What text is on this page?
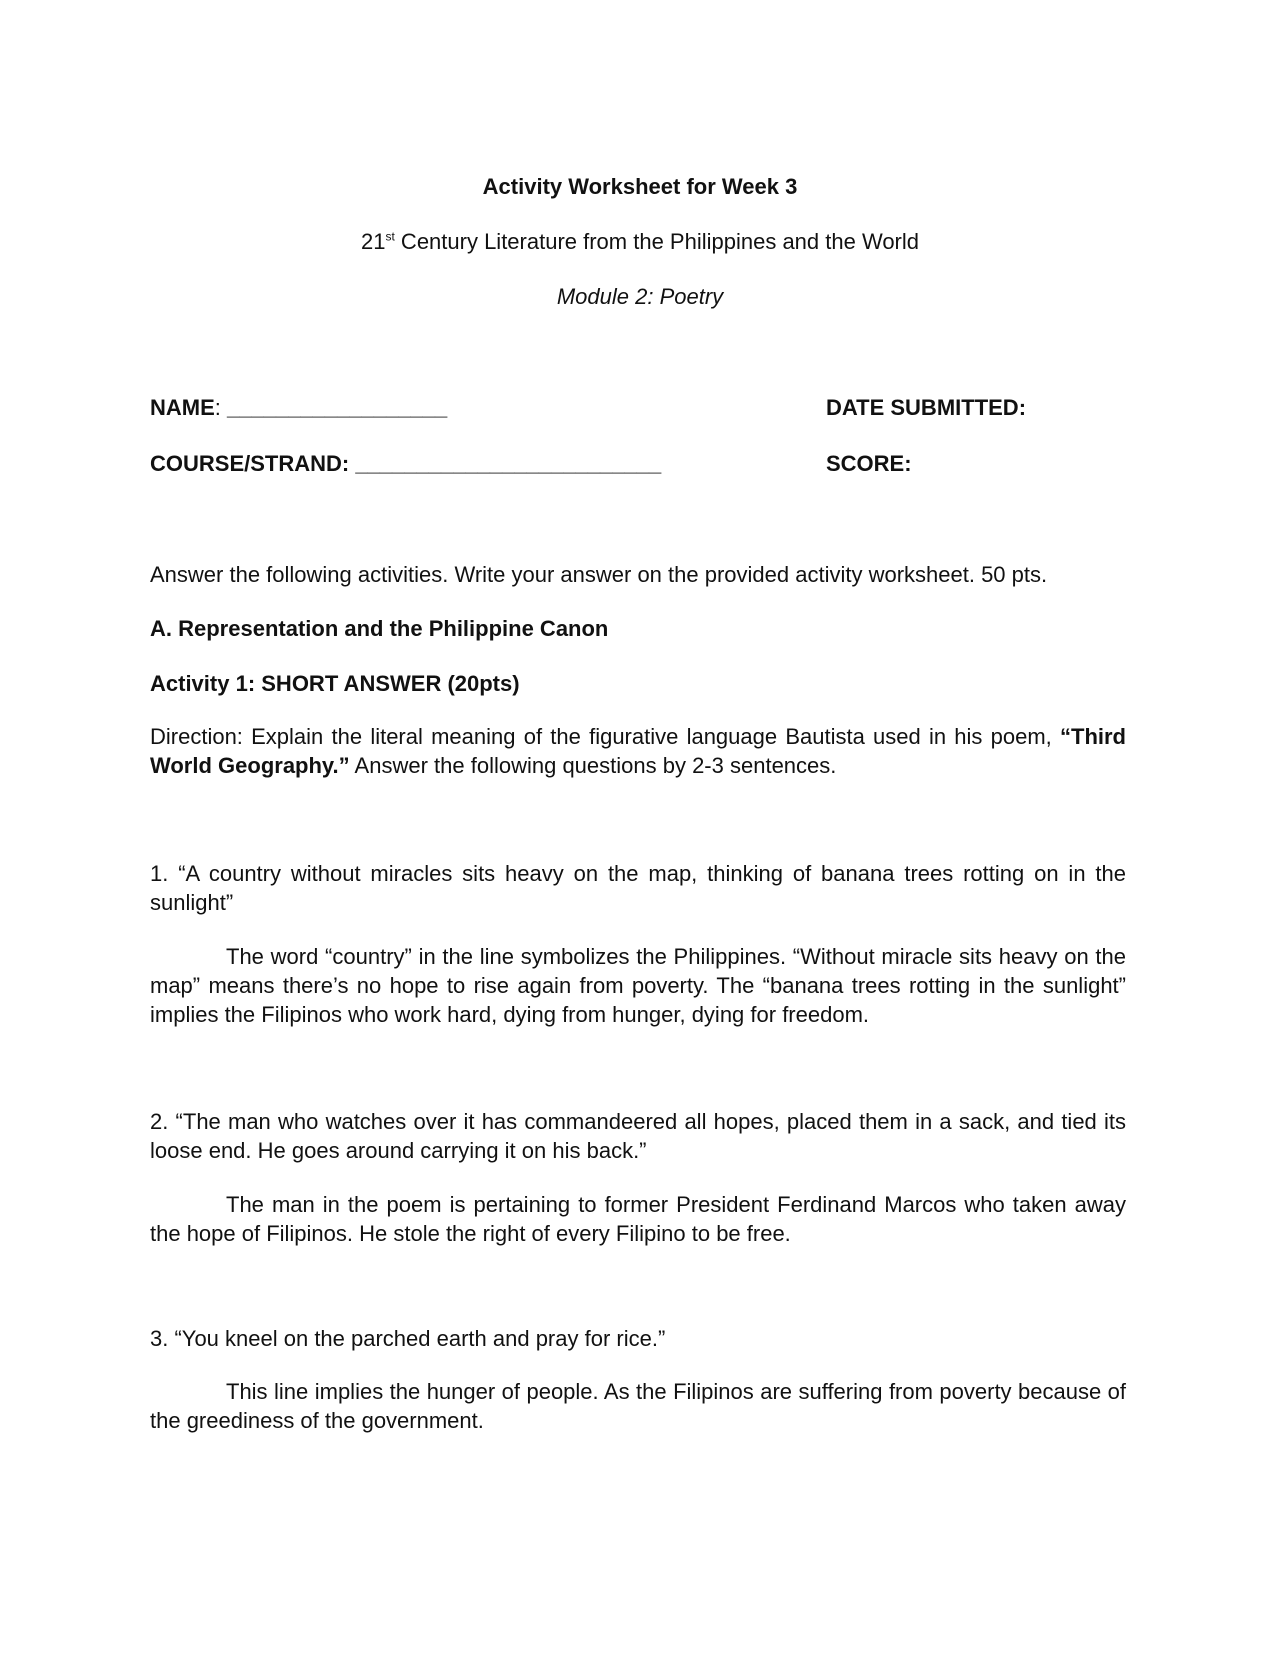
Activity Worksheet for Week 3
21st Century Literature from the Philippines and the World
Module 2: Poetry
NAME: __________________
COURSE/STRAND: _________________________
DATE SUBMITTED:
SCORE:
Answer the following activities. Write your answer on the provided activity worksheet. 50 pts.
A. Representation and the Philippine Canon
Activity 1: SHORT ANSWER (20pts)
Direction: Explain the literal meaning of the figurative language Bautista used in his poem, “Third World Geography.” Answer the following questions by 2-3 sentences.
1. “A country without miracles sits heavy on the map, thinking of banana trees rotting on in the sunlight”
The word “country” in the line symbolizes the Philippines. “Without miracle sits heavy on the map” means there’s no hope to rise again from poverty. The “banana trees rotting in the sunlight” implies the Filipinos who work hard, dying from hunger, dying for freedom.
2. “The man who watches over it has commandeered all hopes, placed them in a sack, and tied its loose end. He goes around carrying it on his back.”
The man in the poem is pertaining to former President Ferdinand Marcos who taken away the hope of Filipinos. He stole the right of every Filipino to be free.
3. “You kneel on the parched earth and pray for rice.”
This line implies the hunger of people. As the Filipinos are suffering from poverty because of the greediness of the government.
